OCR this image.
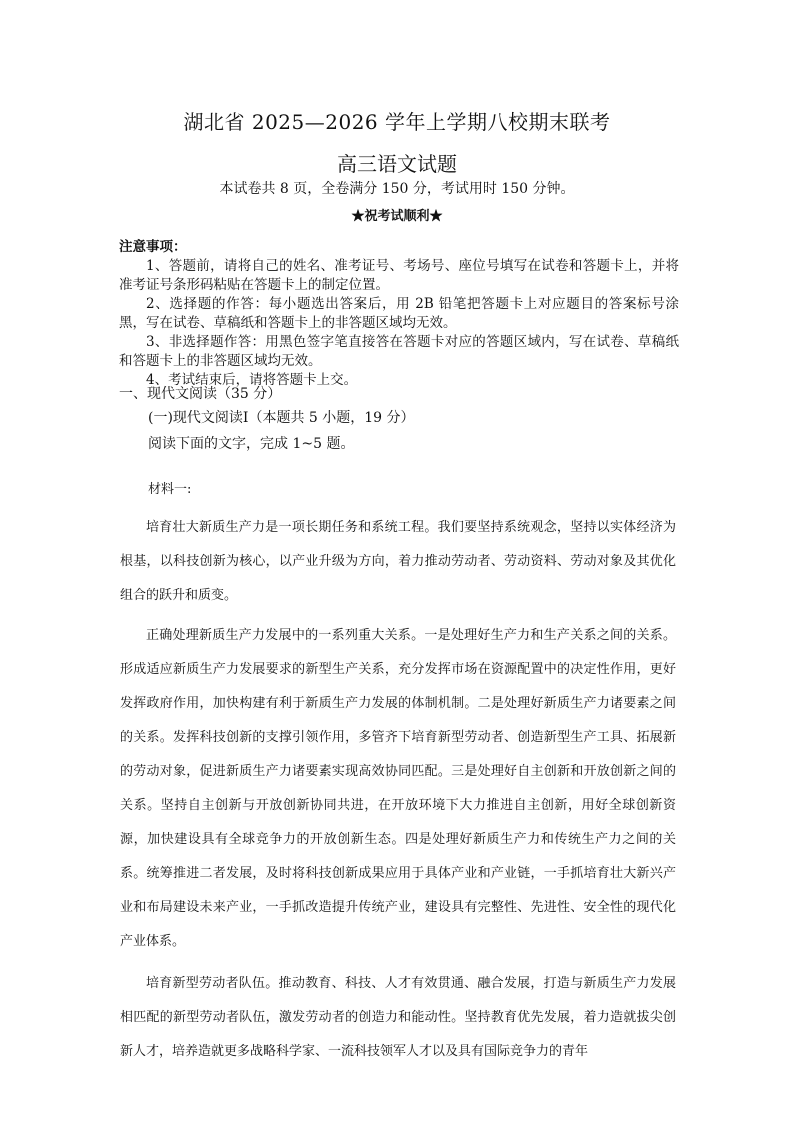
湖北省 2025—2026 学年上学期八校期末联考
高三语文试题
本试卷共 8 页，全卷满分 150 分，考试用时 150 分钟。
★祝考试顺利★
注意事项：
1、答题前，请将自己的姓名、准考证号、考场号、座位号填写在试卷和答题卡上，并将准考证号条形码粘贴在答题卡上的制定位置。
2、选择题的作答：每小题选出答案后，用 2B 铅笔把答题卡上对应题目的答案标号涂黑，写在试卷、草稿纸和答题卡上的非答题区域均无效。
3、非选择题作答：用黑色签字笔直接答在答题卡对应的答题区域内，写在试卷、草稿纸和答题卡上的非答题区域均无效。
4、考试结束后，请将答题卡上交。
一、现代文阅读（35 分）
(一)现代文阅读Ⅰ（本题共 5 小题，19 分）
阅读下面的文字，完成 1~5 题。
材料一:
培育壮大新质生产力是一项长期任务和系统工程。我们要坚持系统观念，坚持以实体经济为根基，以科技创新为核心，以产业升级为方向，着力推动劳动者、劳动资料、劳动对象及其优化组合的跃升和质变。
正确处理新质生产力发展中的一系列重大关系。一是处理好生产力和生产关系之间的关系。形成适应新质生产力发展要求的新型生产关系，充分发挥市场在资源配置中的决定性作用，更好发挥政府作用，加快构建有利于新质生产力发展的体制机制。二是处理好新质生产力诸要素之间的关系。发挥科技创新的支撑引领作用，多管齐下培育新型劳动者、创造新型生产工具、拓展新的劳动对象，促进新质生产力诸要素实现高效协同匹配。三是处理好自主创新和开放创新之间的关系。坚持自主创新与开放创新协同共进，在开放环境下大力推进自主创新，用好全球创新资源，加快建设具有全球竞争力的开放创新生态。四是处理好新质生产力和传统生产力之间的关系。统筹推进二者发展，及时将科技创新成果应用于具体产业和产业链，一手抓培育壮大新兴产业和布局建设未来产业，一手抓改造提升传统产业，建设具有完整性、先进性、安全性的现代化产业体系。
培育新型劳动者队伍。推动教育、科技、人才有效贯通、融合发展，打造与新质生产力发展相匹配的新型劳动者队伍，激发劳动者的创造力和能动性。坚持教育优先发展，着力造就拔尖创新人才，培养造就更多战略科学家、一流科技领军人才以及具有国际竞争力的青年
